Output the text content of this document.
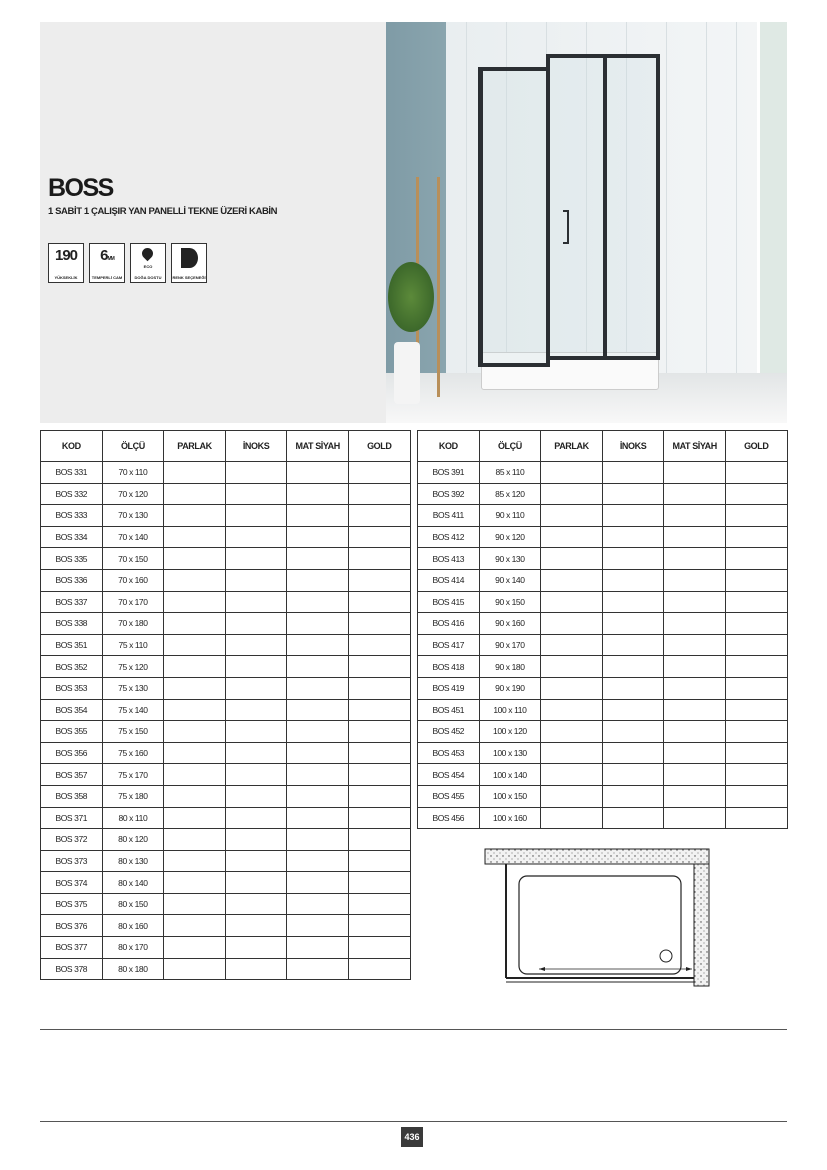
BOSS
1 SABİT 1 ÇALIŞIR YAN PANELLİ TEKNE ÜZERİ KABİN
190
YÜKSEKLİK
6MM
TEMPERLİ CAM
ECO
DOĞA DOSTU	RENK SEÇENEĞİ
KOD	ÖLÇÜ	PARLAK	İNOKS	MAT SİYAH	GOLD
BOS 331	70 x 110				
BOS 332	70 x 120				
BOS 333	70 x 130				
BOS 334	70 x 140				
BOS 335	70 x 150				
BOS 336	70 x 160				
BOS 337	70 x 170				
BOS 338	70 x 180				
BOS 351	75 x 110				
BOS 352	75 x 120				
BOS 353	75 x 130				
BOS 354	75 x 140				
BOS 355	75 x 150				
BOS 356	75 x 160				
BOS 357	75 x 170				
BOS 358	75 x 180				
BOS 371	80 x 110				
BOS 372	80 x 120				
BOS 373	80 x 130				
BOS 374	80 x 140				
BOS 375	80 x 150				
BOS 376	80 x 160				
BOS 377	80 x 170				
BOS 378	80 x 180				
KOD	ÖLÇÜ	PARLAK	İNOKS	MAT SİYAH	GOLD
BOS 391	85 x 110				
BOS 392	85 x 120				
BOS 411	90 x 110				
BOS 412	90 x 120				
BOS 413	90 x 130				
BOS 414	90 x 140				
BOS 415	90 x 150				
BOS 416	90 x 160				
BOS 417	90 x 170				
BOS 418	90 x 180				
BOS 419	90 x 190				
BOS 451	100 x 110				
BOS 452	100 x 120				
BOS 453	100 x 130				
BOS 454	100 x 140				
BOS 455	100 x 150				
BOS 456	100 x 160				
436
